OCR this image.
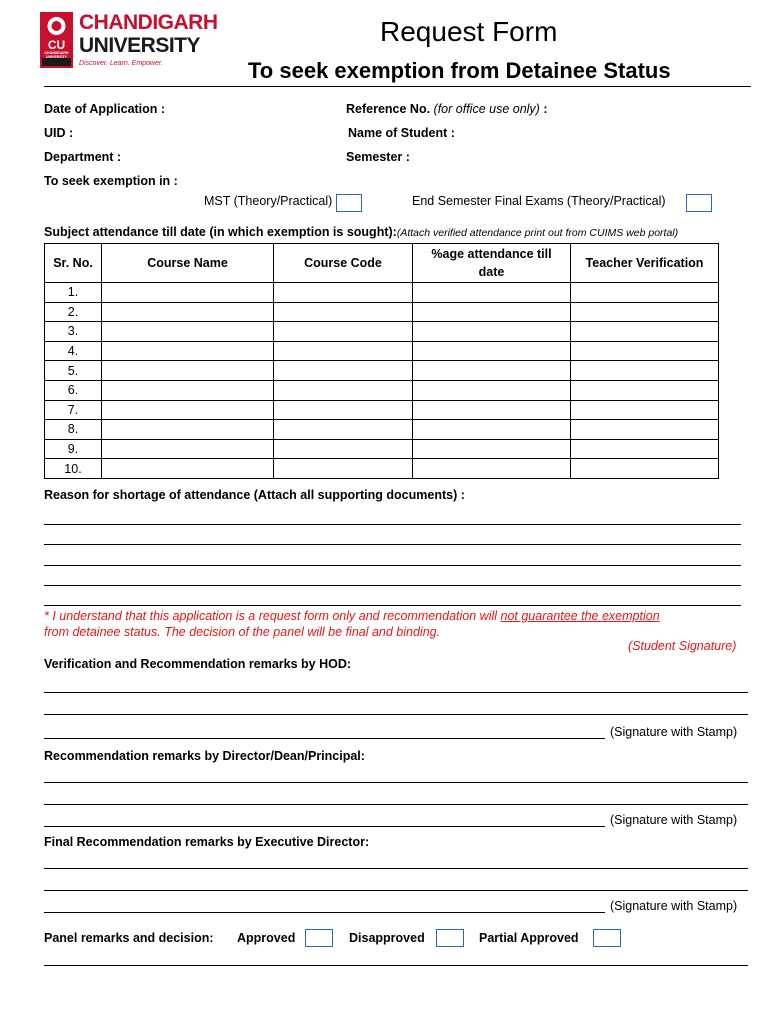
CU
CHANDIGARH UNIVERSITY
CHANDIGARH
UNIVERSITY
Discover. Learn. Empower.
Request Form
To seek exemption from Detainee Status
Date of Application :	Reference No. (for office use only) :
UID :	Name of Student :
Department :	Semester :
To seek exemption in :
MST (Theory/Practical)	End Semester Final Exams (Theory/Practical)
Subject attendance till date (in which exemption is sought):(Attach verified attendance print out from CUIMS web portal)
Sr. No.	Course Name	Course Code	%age attendance till date	Teacher Verification
1.				
2.				
3.				
4.				
5.				
6.				
7.				
8.				
9.				
10.				
Reason for shortage of attendance (Attach all supporting documents) :
* I understand that this application is a request form only and recommendation will not guarantee the exemption
from detainee status. The decision of the panel will be final and binding.
(Student Signature)
Verification and Recommendation remarks by HOD:
(Signature with Stamp)
Recommendation remarks by Director/Dean/Principal:
(Signature with Stamp)
Final Recommendation remarks by Executive Director:
(Signature with Stamp)
Panel remarks and decision: Approved	Disapproved	Partial Approved
